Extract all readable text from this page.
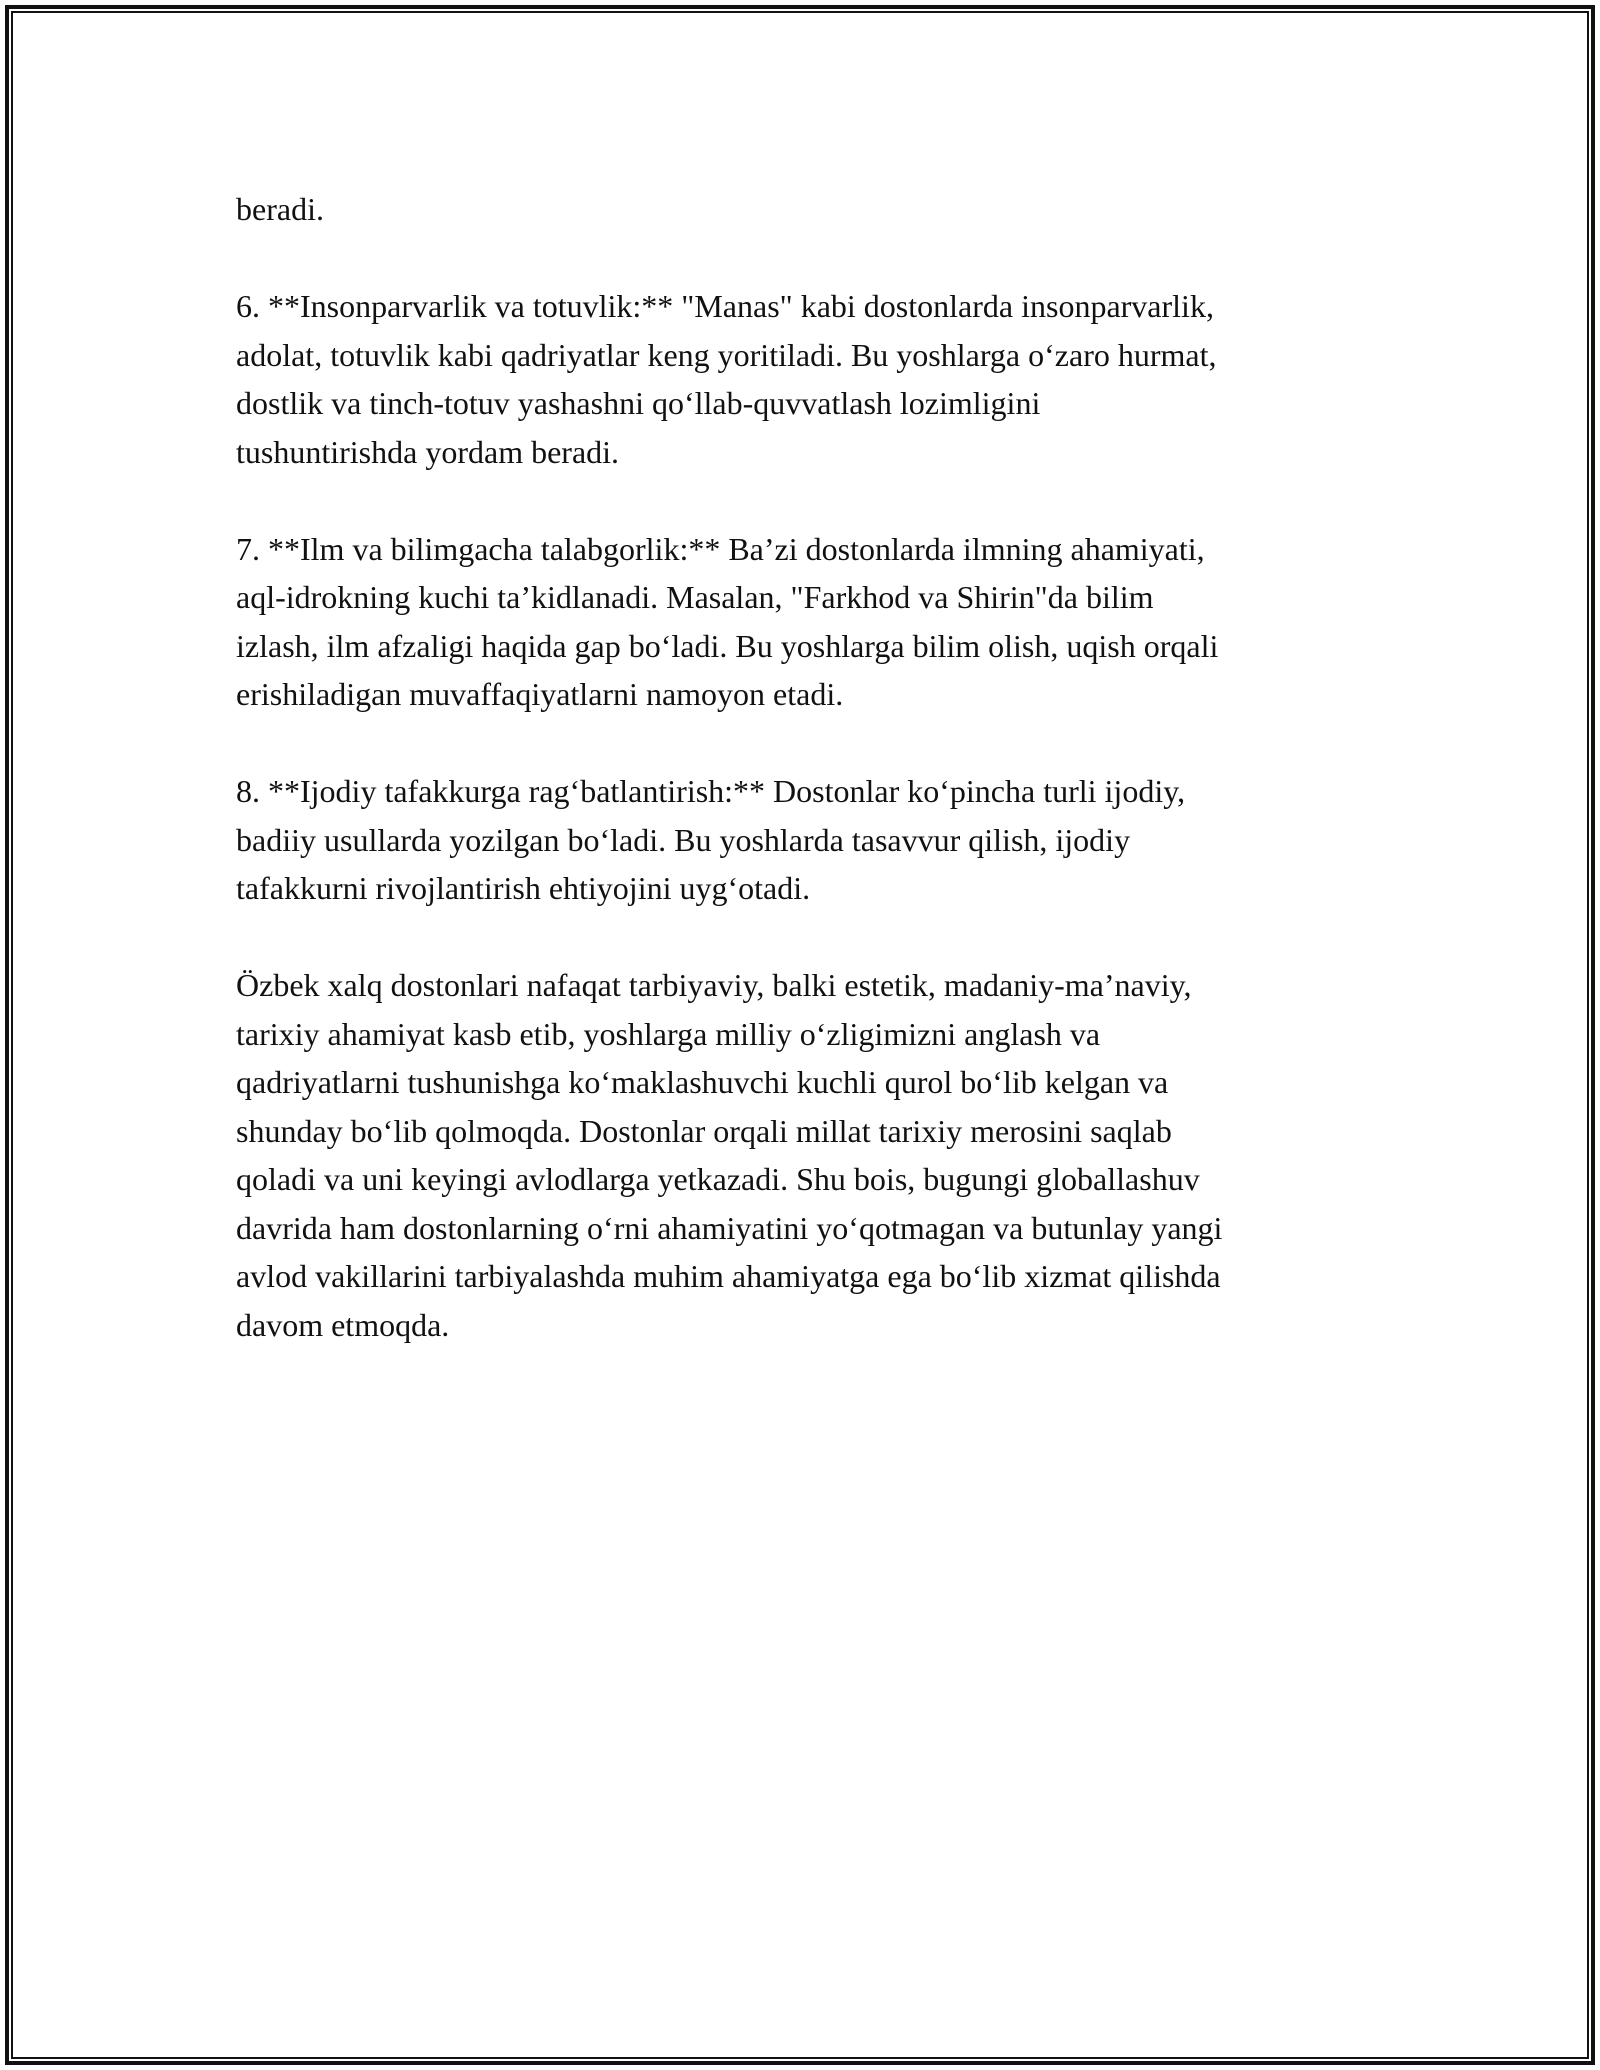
beradi.

6. **Insonparvarlik va totuvlik:** "Manas" kabi dostonlarda insonparvarlik,
adolat, totuvlik kabi qadriyatlar keng yoritiladi. Bu yoshlarga o‘zaro hurmat,
dostlik va tinch-totuv yashashni qo‘llab-quvvatlash lozimligini
tushuntirishda yordam beradi.

7. **Ilm va bilimgacha talabgorlik:** Ba’zi dostonlarda ilmning ahamiyati,
aql-idrokning kuchi ta’kidlanadi. Masalan, "Farkhod va Shirin"da bilim
izlash, ilm afzaligi haqida gap bo‘ladi. Bu yoshlarga bilim olish, uqish orqali
erishiladigan muvaffaqiyatlarni namoyon etadi.

8. **Ijodiy tafakkurga rag‘batlantirish:** Dostonlar ko‘pincha turli ijodiy,
badiiy usullarda yozilgan bo‘ladi. Bu yoshlarda tasavvur qilish, ijodiy
tafakkurni rivojlantirish ehtiyojini uyg‘otadi.

Özbek xalq dostonlari nafaqat tarbiyaviy, balki estetik, madaniy-ma’naviy,
tarixiy ahamiyat kasb etib, yoshlarga milliy o‘zligimizni anglash va
qadriyatlarni tushunishga ko‘maklashuvchi kuchli qurol bo‘lib kelgan va
shunday bo‘lib qolmoqda. Dostonlar orqali millat tarixiy merosini saqlab
qoladi va uni keyingi avlodlarga yetkazadi. Shu bois, bugungi globallashuv
davrida ham dostonlarning o‘rni ahamiyatini yo‘qotmagan va butunlay yangi
avlod vakillarini tarbiyalashda muhim ahamiyatga ega bo‘lib xizmat qilishda
davom etmoqda.
